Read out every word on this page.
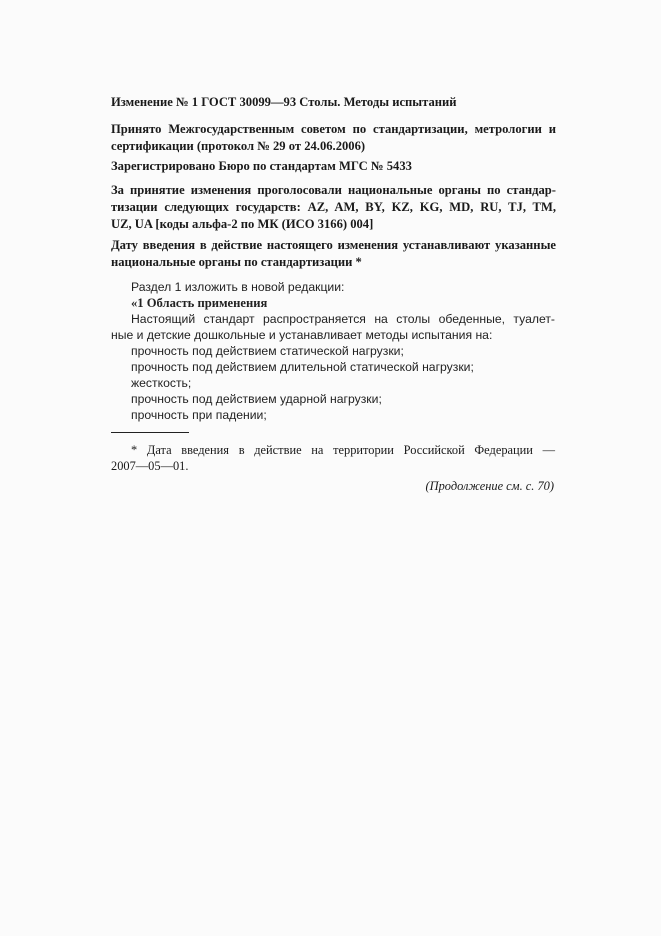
Изменение № 1 ГОСТ 30099—93 Столы. Методы испытаний

Принято Межгосударственным советом по стандартизации, метрологии и
сертификации (протокол № 29 от 24.06.2006)

Зарегистрировано Бюро по стандартам МГС № 5433

За принятие изменения проголосовали национальные органы по стандар-
тизации следующих государств: AZ, AM, BY, KZ, KG, MD, RU, TJ, TM,
UZ, UA [коды альфа-2 по МК (ИСО 3166) 004]

Дату введения в действие настоящего изменения устанавливают указанные
национальные органы по стандартизации *

Раздел 1 изложить в новой редакции:

«1 Область применения

Настоящий стандарт распространяется на столы обеденные, туалет-

ные и детские дошкольные и устанавливает методы испытания на:

прочность под действием статической нагрузки;

прочность под действием длительной статической нагрузки;

жесткость;

прочность под действием ударной нагрузки;

прочность при падении;

* Дата введения в действие на территории Российской Федерации —

2007—05—01.

(Продолжение см. с. 70)
